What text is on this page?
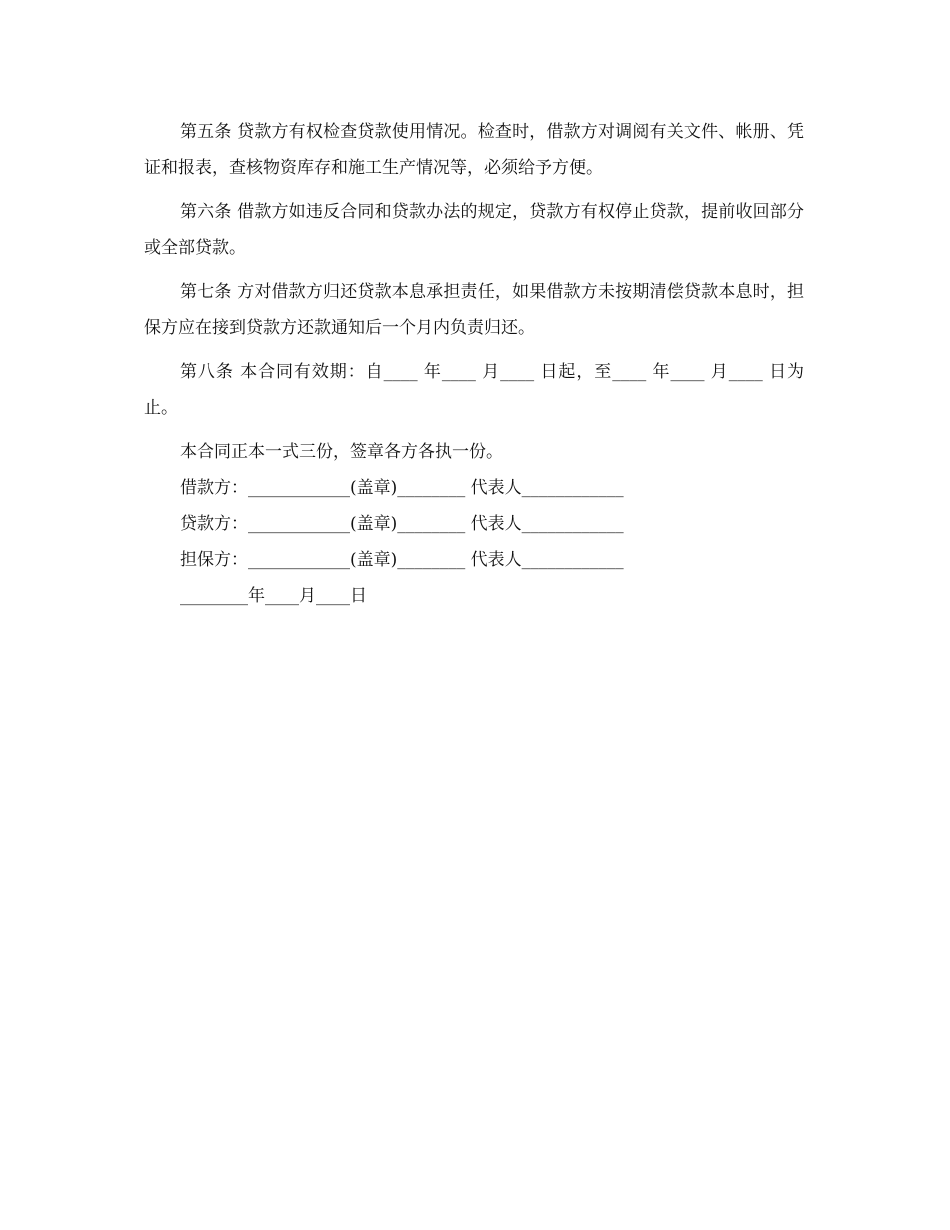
第五条 贷款方有权检查贷款使用情况。检查时，借款方对调阅有关文件、帐册、凭证和报表，查核物资库存和施工生产情况等，必须给予方便。

第六条 借款方如违反合同和贷款办法的规定，贷款方有权停止贷款，提前收回部分或全部贷款。

第七条 方对借款方归还贷款本息承担责任，如果借款方未按期清偿贷款本息时，担保方应在接到贷款方还款通知后一个月内负责归还。

第八条 本合同有效期：自____ 年____ 月____ 日起，至____ 年____ 月____ 日为止。

本合同正本一式三份，签章各方各执一份。

借款方：____________(盖章)________ 代表人____________

贷款方：____________(盖章)________ 代表人____________

担保方：____________(盖章)________ 代表人____________

________年____月____日
